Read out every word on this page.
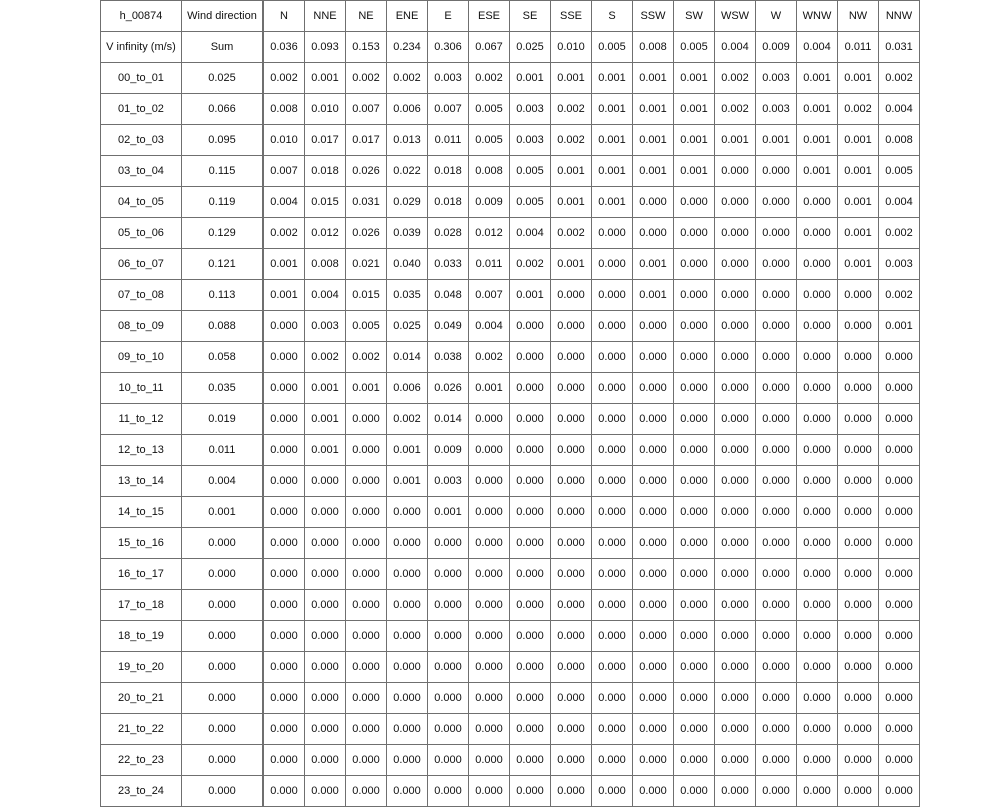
h_00874	Wind direction	N	NNE	NE	ENE	E	ESE	SE	SSE	S	SSW	SW	WSW	W	WNW	NW	NNW
V infinity (m/s)	Sum	0.036	0.093	0.153	0.234	0.306	0.067	0.025	0.010	0.005	0.008	0.005	0.004	0.009	0.004	0.011	0.031
00_to_01	0.025	0.002	0.001	0.002	0.002	0.003	0.002	0.001	0.001	0.001	0.001	0.001	0.002	0.003	0.001	0.001	0.002
01_to_02	0.066	0.008	0.010	0.007	0.006	0.007	0.005	0.003	0.002	0.001	0.001	0.001	0.002	0.003	0.001	0.002	0.004
02_to_03	0.095	0.010	0.017	0.017	0.013	0.011	0.005	0.003	0.002	0.001	0.001	0.001	0.001	0.001	0.001	0.001	0.008
03_to_04	0.115	0.007	0.018	0.026	0.022	0.018	0.008	0.005	0.001	0.001	0.001	0.001	0.000	0.000	0.001	0.001	0.005
04_to_05	0.119	0.004	0.015	0.031	0.029	0.018	0.009	0.005	0.001	0.001	0.000	0.000	0.000	0.000	0.000	0.001	0.004
05_to_06	0.129	0.002	0.012	0.026	0.039	0.028	0.012	0.004	0.002	0.000	0.000	0.000	0.000	0.000	0.000	0.001	0.002
06_to_07	0.121	0.001	0.008	0.021	0.040	0.033	0.011	0.002	0.001	0.000	0.001	0.000	0.000	0.000	0.000	0.001	0.003
07_to_08	0.113	0.001	0.004	0.015	0.035	0.048	0.007	0.001	0.000	0.000	0.001	0.000	0.000	0.000	0.000	0.000	0.002
08_to_09	0.088	0.000	0.003	0.005	0.025	0.049	0.004	0.000	0.000	0.000	0.000	0.000	0.000	0.000	0.000	0.000	0.001
09_to_10	0.058	0.000	0.002	0.002	0.014	0.038	0.002	0.000	0.000	0.000	0.000	0.000	0.000	0.000	0.000	0.000	0.000
10_to_11	0.035	0.000	0.001	0.001	0.006	0.026	0.001	0.000	0.000	0.000	0.000	0.000	0.000	0.000	0.000	0.000	0.000
11_to_12	0.019	0.000	0.001	0.000	0.002	0.014	0.000	0.000	0.000	0.000	0.000	0.000	0.000	0.000	0.000	0.000	0.000
12_to_13	0.011	0.000	0.001	0.000	0.001	0.009	0.000	0.000	0.000	0.000	0.000	0.000	0.000	0.000	0.000	0.000	0.000
13_to_14	0.004	0.000	0.000	0.000	0.001	0.003	0.000	0.000	0.000	0.000	0.000	0.000	0.000	0.000	0.000	0.000	0.000
14_to_15	0.001	0.000	0.000	0.000	0.000	0.001	0.000	0.000	0.000	0.000	0.000	0.000	0.000	0.000	0.000	0.000	0.000
15_to_16	0.000	0.000	0.000	0.000	0.000	0.000	0.000	0.000	0.000	0.000	0.000	0.000	0.000	0.000	0.000	0.000	0.000
16_to_17	0.000	0.000	0.000	0.000	0.000	0.000	0.000	0.000	0.000	0.000	0.000	0.000	0.000	0.000	0.000	0.000	0.000
17_to_18	0.000	0.000	0.000	0.000	0.000	0.000	0.000	0.000	0.000	0.000	0.000	0.000	0.000	0.000	0.000	0.000	0.000
18_to_19	0.000	0.000	0.000	0.000	0.000	0.000	0.000	0.000	0.000	0.000	0.000	0.000	0.000	0.000	0.000	0.000	0.000
19_to_20	0.000	0.000	0.000	0.000	0.000	0.000	0.000	0.000	0.000	0.000	0.000	0.000	0.000	0.000	0.000	0.000	0.000
20_to_21	0.000	0.000	0.000	0.000	0.000	0.000	0.000	0.000	0.000	0.000	0.000	0.000	0.000	0.000	0.000	0.000	0.000
21_to_22	0.000	0.000	0.000	0.000	0.000	0.000	0.000	0.000	0.000	0.000	0.000	0.000	0.000	0.000	0.000	0.000	0.000
22_to_23	0.000	0.000	0.000	0.000	0.000	0.000	0.000	0.000	0.000	0.000	0.000	0.000	0.000	0.000	0.000	0.000	0.000
23_to_24	0.000	0.000	0.000	0.000	0.000	0.000	0.000	0.000	0.000	0.000	0.000	0.000	0.000	0.000	0.000	0.000	0.000
